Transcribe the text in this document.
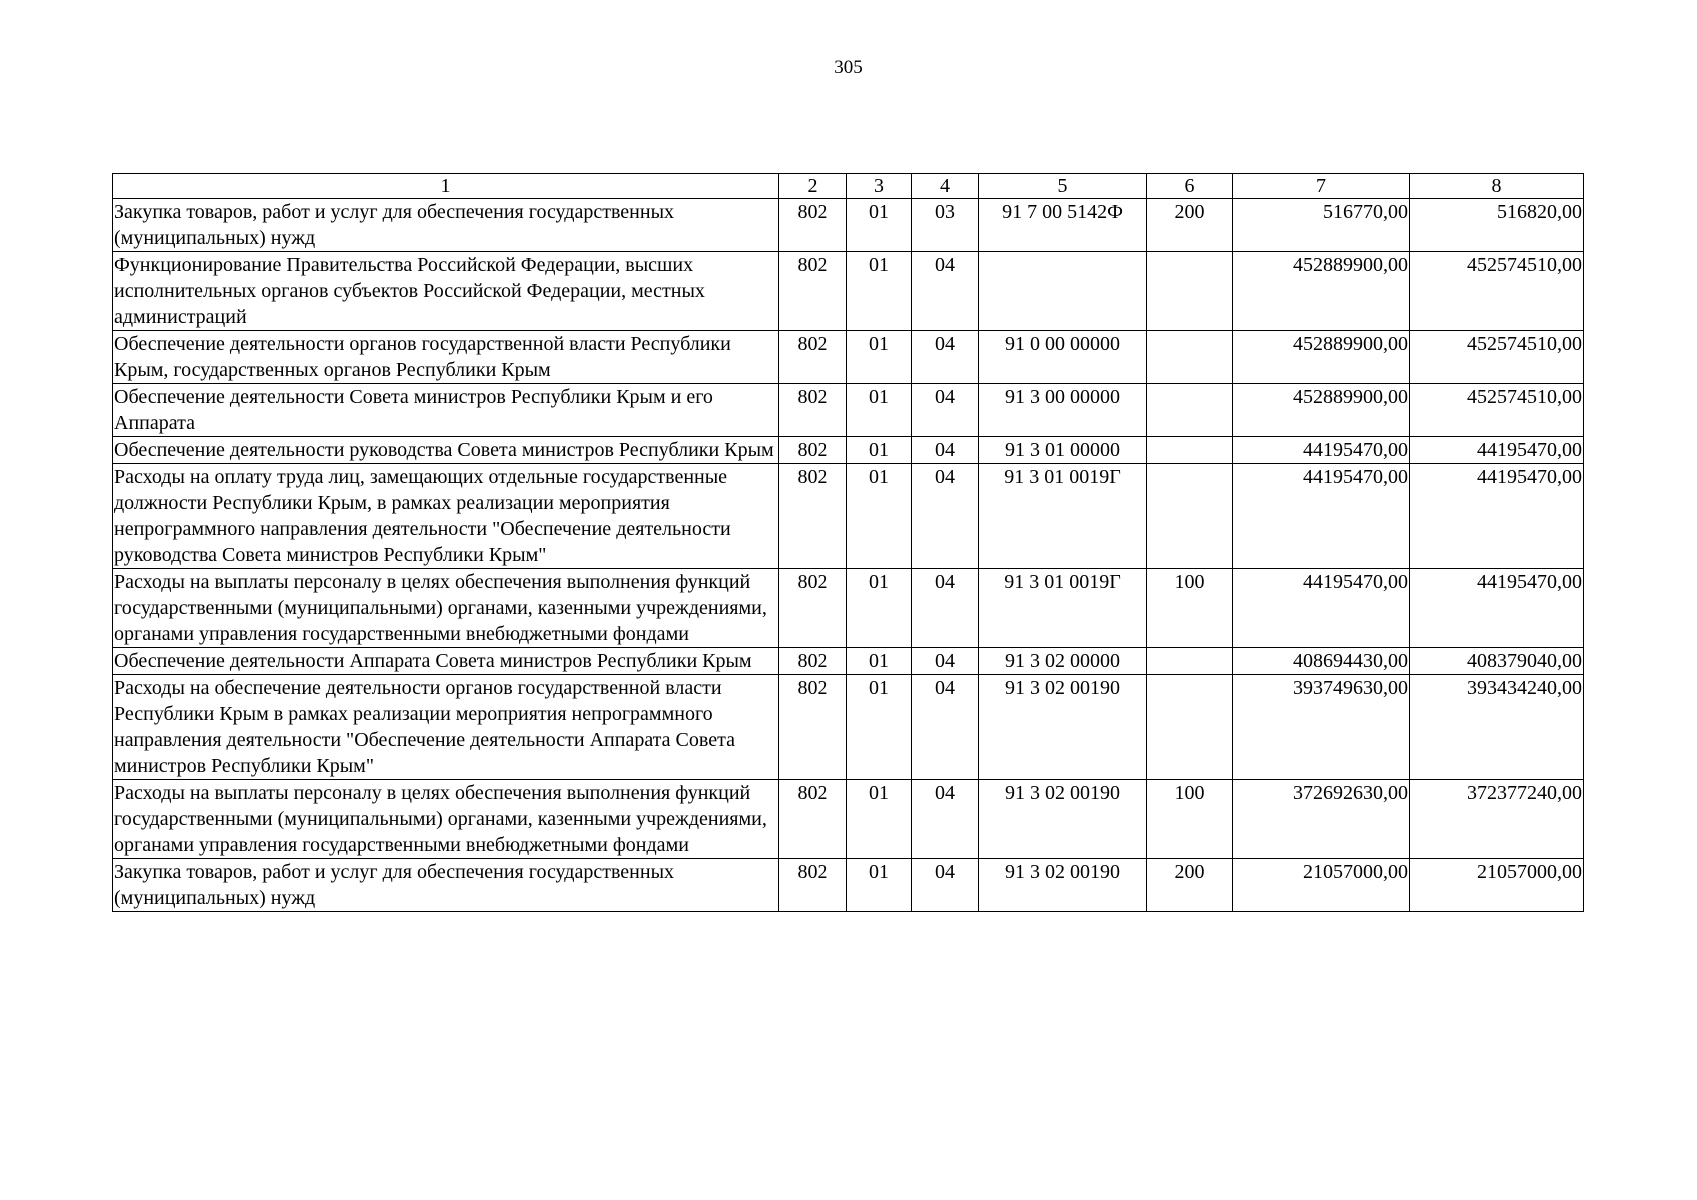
305
1	2	3	4	5	6	7	8
Закупка товаров, работ и услуг для обеспечения государственных (муниципальных) нужд	802	01	03	91 7 00 5142Ф	200	516770,00	516820,00
Функционирование Правительства Российской Федерации, высших исполнительных органов субъектов Российской Федерации, местных администраций	802	01	04			452889900,00	452574510,00
Обеспечение деятельности органов государственной власти Республики Крым, государственных органов Республики Крым	802	01	04	91 0 00 00000		452889900,00	452574510,00
Обеспечение деятельности Совета министров Республики Крым и его Аппарата	802	01	04	91 3 00 00000		452889900,00	452574510,00
Обеспечение деятельности руководства Совета министров Республики Крым	802	01	04	91 3 01 00000		44195470,00	44195470,00
Расходы на оплату труда лиц, замещающих отдельные государственные должности Республики Крым, в рамках реализации мероприятия непрограммного направления деятельности "Обеспечение деятельности руководства Совета министров Республики Крым"	802	01	04	91 3 01 0019Г		44195470,00	44195470,00
Расходы на выплаты персоналу в целях обеспечения выполнения функций государственными (муниципальными) органами, казенными учреждениями, органами управления государственными внебюджетными фондами	802	01	04	91 3 01 0019Г	100	44195470,00	44195470,00
Обеспечение деятельности Аппарата Совета министров Республики Крым	802	01	04	91 3 02 00000		408694430,00	408379040,00
Расходы на обеспечение деятельности органов государственной власти Республики Крым в рамках реализации мероприятия непрограммного направления деятельности "Обеспечение деятельности Аппарата Совета министров Республики Крым"	802	01	04	91 3 02 00190		393749630,00	393434240,00
Расходы на выплаты персоналу в целях обеспечения выполнения функций государственными (муниципальными) органами, казенными учреждениями, органами управления государственными внебюджетными фондами	802	01	04	91 3 02 00190	100	372692630,00	372377240,00
Закупка товаров, работ и услуг для обеспечения государственных (муниципальных) нужд	802	01	04	91 3 02 00190	200	21057000,00	21057000,00
